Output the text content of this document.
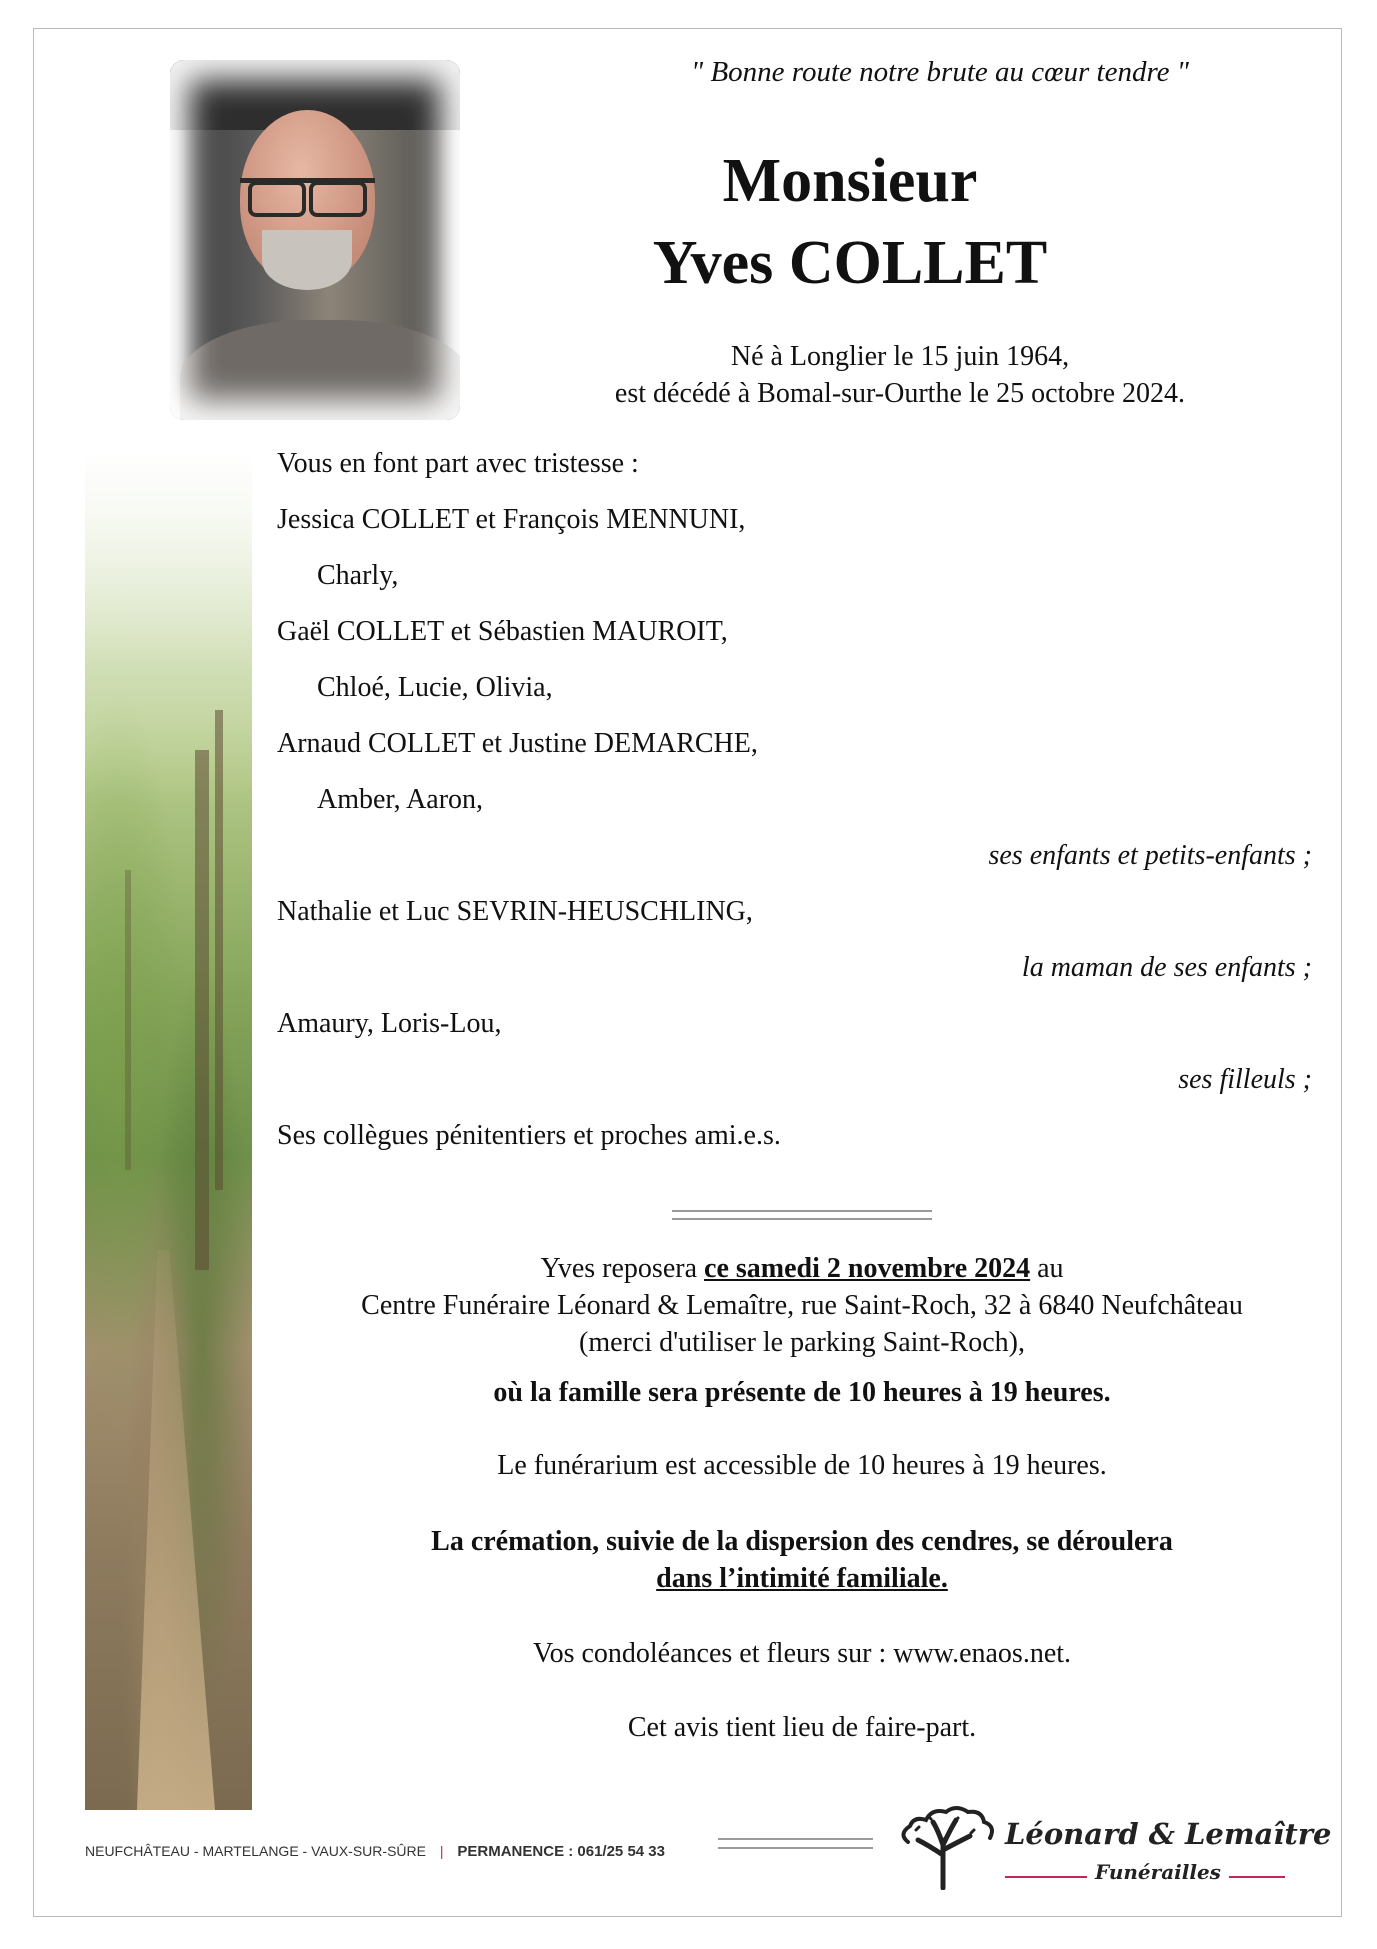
" Bonne route notre brute au cœur tendre "
Monsieur
Yves COLLET
Né à Longlier le 15 juin 1964,
est décédé à Bomal-sur-Ourthe le 25 octobre 2024.
Vous en font part avec tristesse :
Jessica COLLET et François MENNUNI,
Charly,
Gaël COLLET et Sébastien MAUROIT,
Chloé, Lucie, Olivia,
Arnaud COLLET et Justine DEMARCHE,
Amber, Aaron,
ses enfants et petits-enfants ;
Nathalie et Luc SEVRIN-HEUSCHLING,
la maman de ses enfants ;
Amaury, Loris-Lou,
ses filleuls ;
Ses collègues pénitentiers et proches ami.e.s.
Yves reposera ce samedi 2 novembre 2024 au
Centre Funéraire Léonard & Lemaître, rue Saint-Roch, 32 à 6840 Neufchâteau
(merci d'utiliser le parking Saint-Roch),
où la famille sera présente de 10 heures à 19 heures.
Le funérarium est accessible de 10 heures à 19 heures.
La crémation, suivie de la dispersion des cendres, se déroulera
dans l’intimité familiale.
Vos condoléances et fleurs sur : www.enaos.net.
Cet avis tient lieu de faire-part.
NEUFCHÂTEAU - MARTELANGE - VAUX-SUR-SÛRE | PERMANENCE : 061/25 54 33
Léonard & Lemaître
Funérailles
